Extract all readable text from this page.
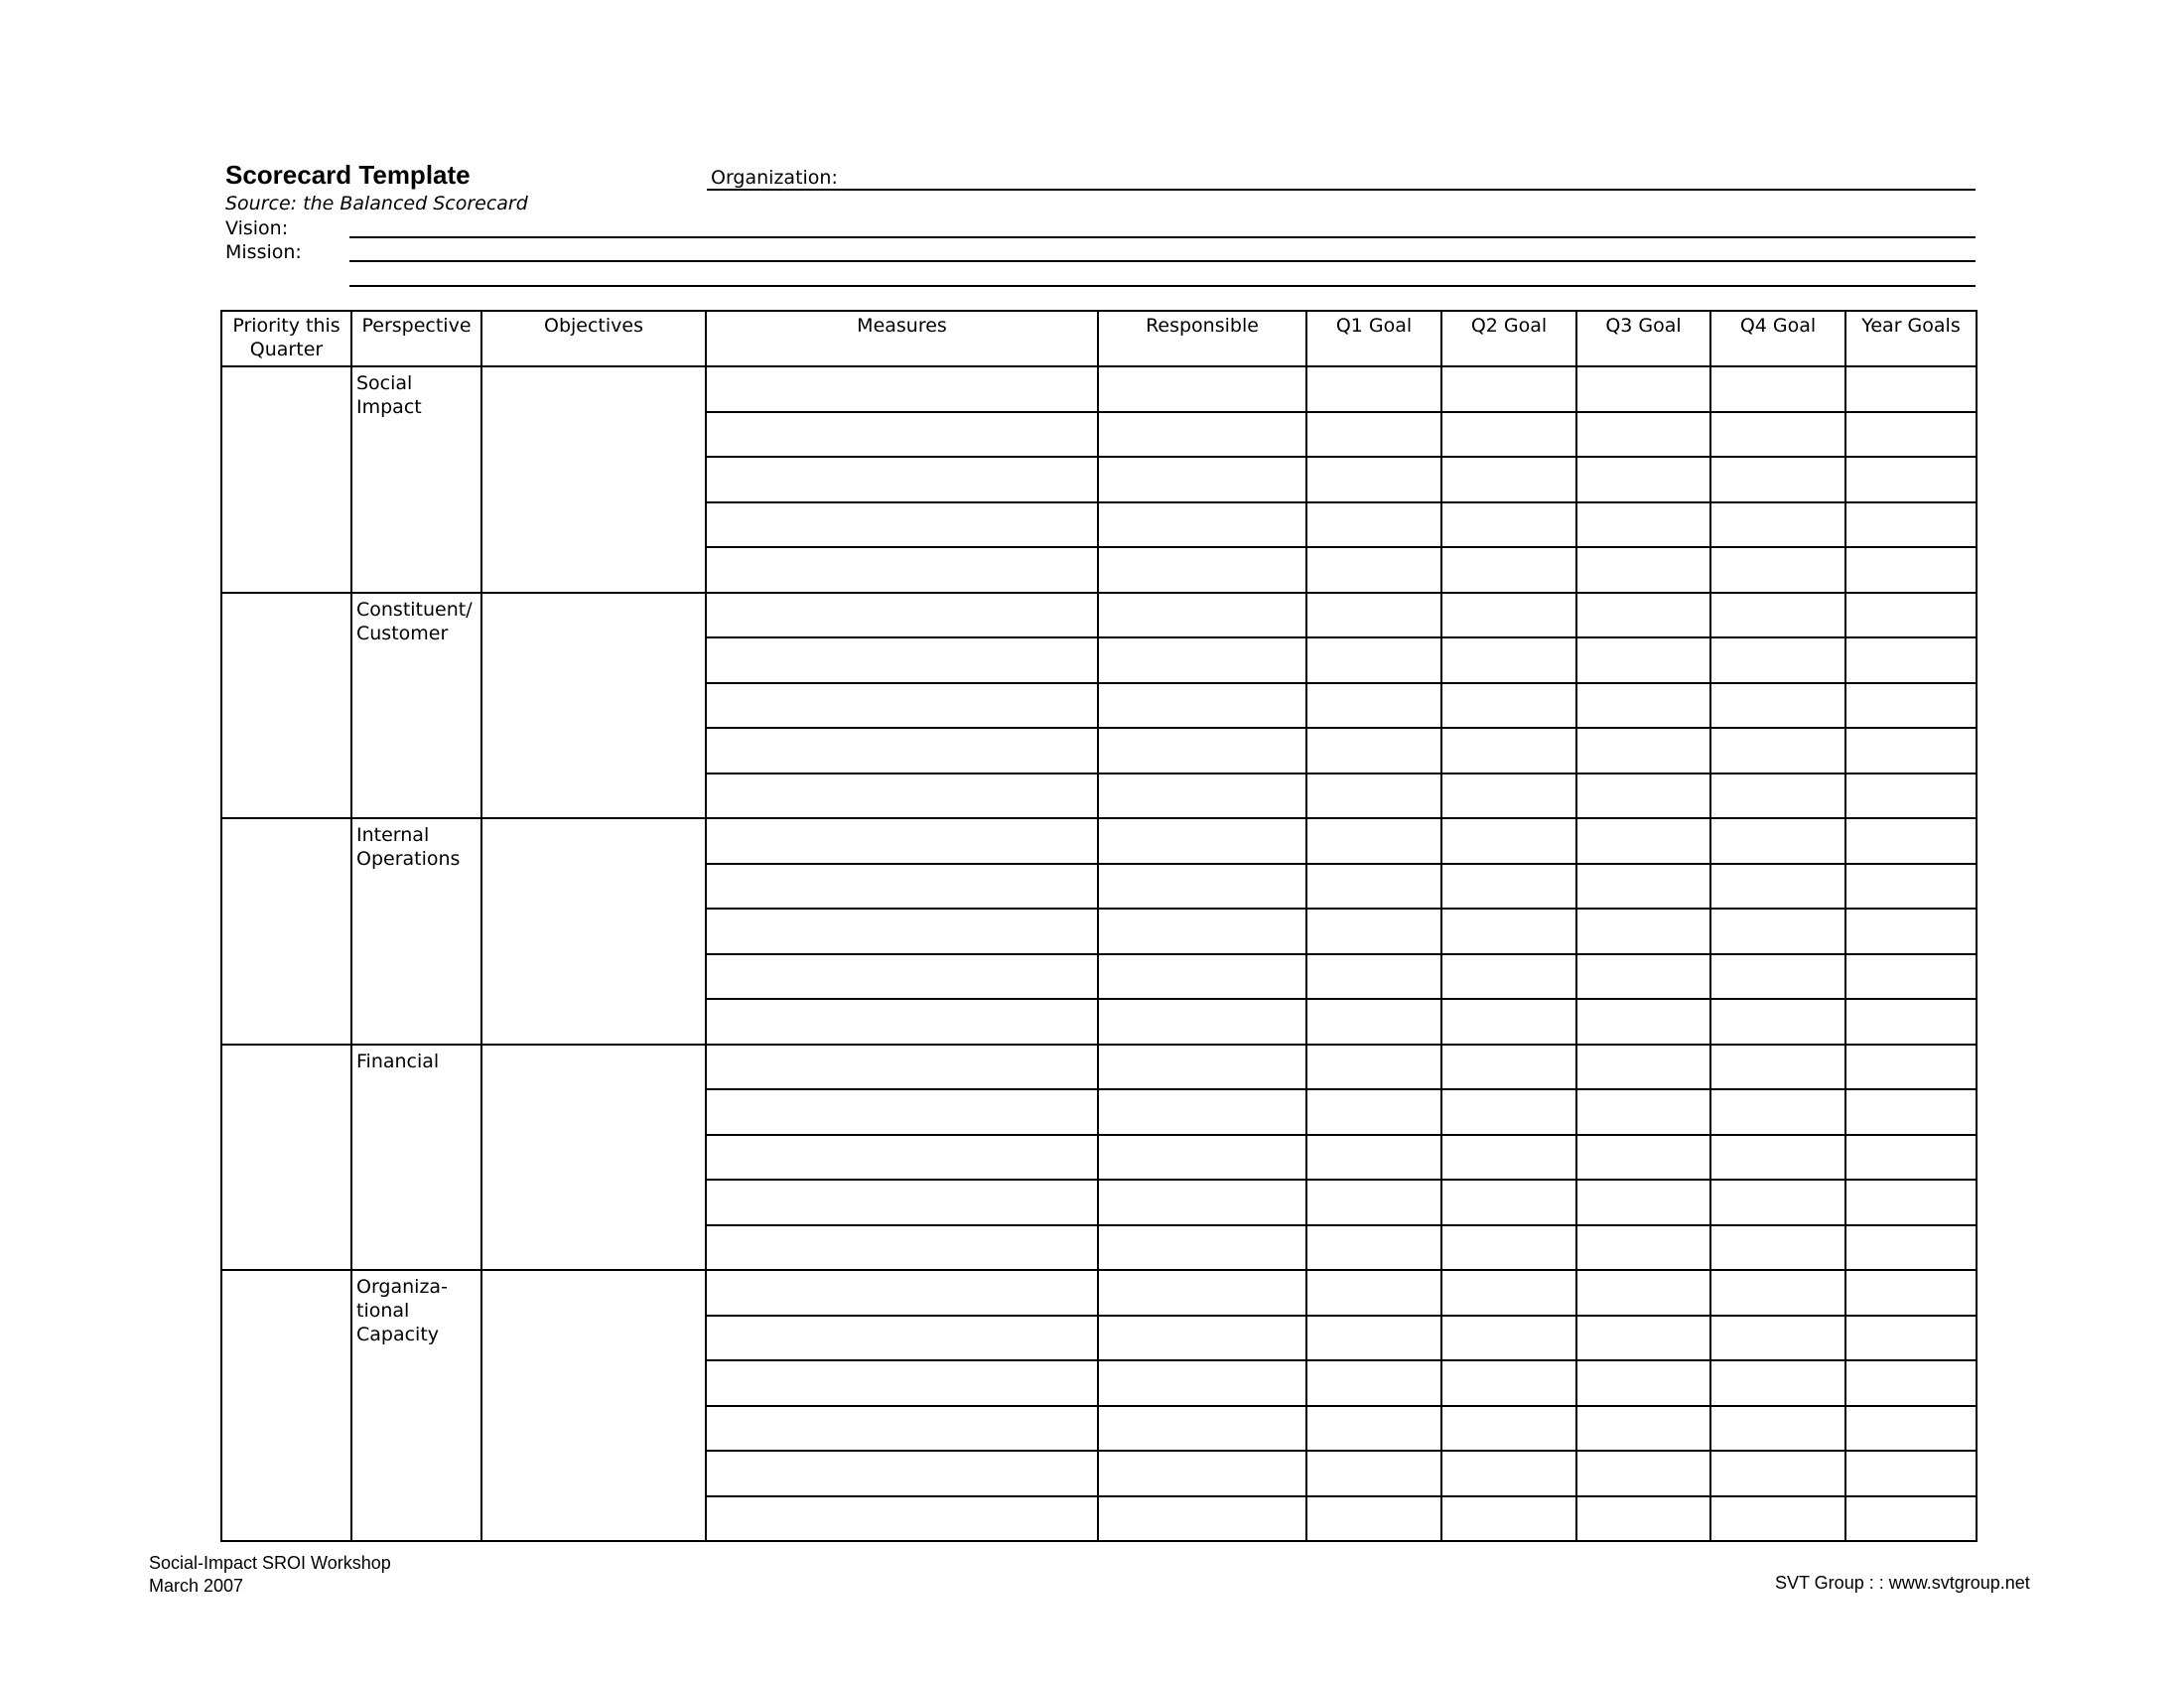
Scorecard Template
Source: the Balanced Scorecard
Vision:
Mission:
Organization:
Priority this Quarter	Perspective	Objectives	Measures	Responsible	Q1 Goal	Q2 Goal	Q3 Goal	Q4 Goal	Year Goals

	Social Impact								

	Constituent/ Customer								

	Internal Operations								

	Financial								

	Organiza- tional Capacity								

Social-Impact SROI Workshop
March 2007	SVT Group : : www.svtgroup.net
